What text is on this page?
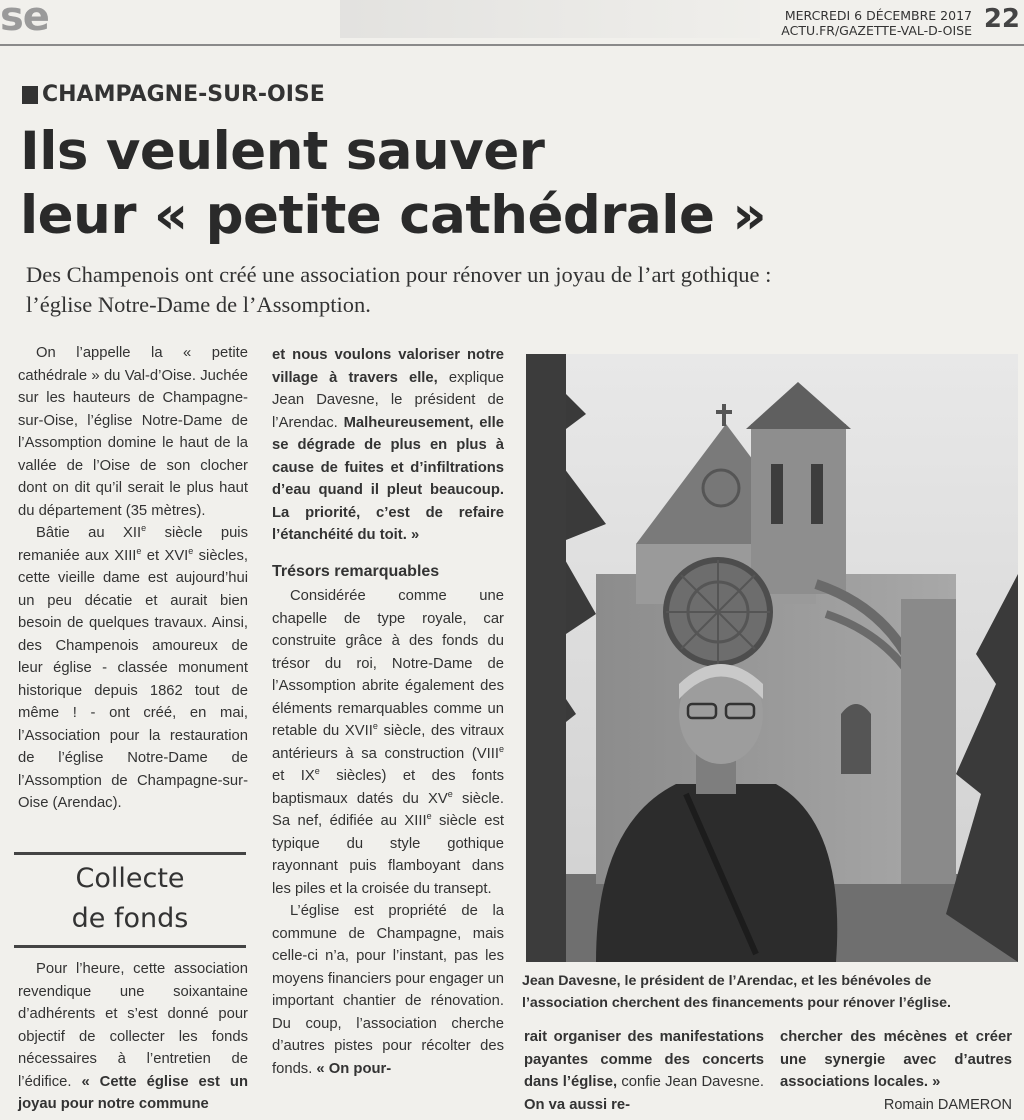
se	MERCREDI 6 DÉCEMBRE 2017
ACTU.FR/GAZETTE-VAL-D-OISE 22
CHAMPAGNE-SUR-OISE
Ils veulent sauver
leur « petite cathédrale »
Des Champenois ont créé une association pour rénover un joyau de l’art gothique :
l’église Notre-Dame de l’Assomption.

On l’appelle la « petite cathédrale » du Val-d’Oise. Juchée sur les hauteurs de Champagne-sur-Oise, l’église Notre-Dame de l’Assomption domine le haut de la vallée de l’Oise de son clocher dont on dit qu’il serait le plus haut du département (35 mètres).

Bâtie au XIIe siècle puis remaniée aux XIIIe et XVIe siècles, cette vieille dame est aujourd’hui un peu décatie et aurait bien besoin de quelques travaux. Ainsi, des Champenois amoureux de leur église - classée monument historique depuis 1862 tout de même ! - ont créé, en mai, l’Association pour la restauration de l’église Notre-Dame de l’Assomption de Champagne-sur-Oise (Arendac).

Collecte
de fonds

Pour l’heure, cette association revendique une soixantaine d’adhérents et s’est donné pour objectif de collecter les fonds nécessaires à l’entretien de l’édifice. « Cette église est un joyau pour notre commune

et nous voulons valoriser notre village à travers elle, explique Jean Davesne, le président de l’Arendac. Malheureusement, elle se dégrade de plus en plus à cause de fuites et d’infiltrations d’eau quand il pleut beaucoup. La priorité, c’est de refaire l’étanchéité du toit. »

Trésors remarquables

Considérée comme une chapelle de type royale, car construite grâce à des fonds du trésor du roi, Notre-Dame de l’Assomption abrite également des éléments remarquables comme un retable du XVIIe siècle, des vitraux antérieurs à sa construction (VIIIe et IXe siècles) et des fonts baptismaux datés du XVe siècle. Sa nef, édifiée au XIIIe siècle est typique du style gothique rayonnant puis flamboyant dans les piles et la croisée du transept.

L’église est propriété de la commune de Champagne, mais celle-ci n’a, pour l’instant, pas les moyens financiers pour engager un important chantier de rénovation. Du coup, l’association cherche d’autres pistes pour récolter des fonds. « On pour-

Jean Davesne, le président de l’Arendac, et les bénévoles de l’association cherchent des financements pour rénover l’église.

rait organiser des manifestations payantes comme des concerts dans l’église, confie Jean Davesne. On va aussi re-

chercher des mécènes et créer une synergie avec d’autres associations locales. »

Romain DAMERON
